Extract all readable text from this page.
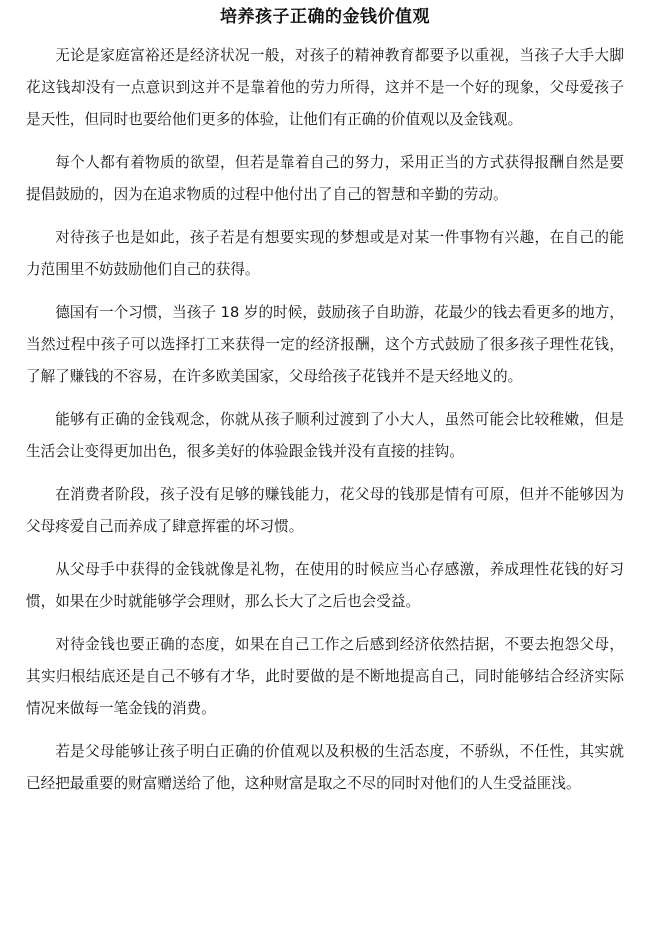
培养孩子正确的金钱价值观

无论是家庭富裕还是经济状况一般，对孩子的精神教育都要予以重视，当孩子大手大脚花这钱却没有一点意识到这并不是靠着他的劳力所得，这并不是一个好的现象，父母爱孩子是天性，但同时也要给他们更多的体验，让他们有正确的价值观以及金钱观。

每个人都有着物质的欲望，但若是靠着自己的努力，采用正当的方式获得报酬自然是要提倡鼓励的，因为在追求物质的过程中他付出了自己的智慧和辛勤的劳动。

对待孩子也是如此，孩子若是有想要实现的梦想或是对某一件事物有兴趣，在自己的能力范围里不妨鼓励他们自己的获得。

德国有一个习惯，当孩子 18 岁的时候，鼓励孩子自助游，花最少的钱去看更多的地方，当然过程中孩子可以选择打工来获得一定的经济报酬，这个方式鼓励了很多孩子理性花钱，了解了赚钱的不容易，在许多欧美国家，父母给孩子花钱并不是天经地义的。

能够有正确的金钱观念，你就从孩子顺利过渡到了小大人，虽然可能会比较稚嫩，但是生活会让变得更加出色，很多美好的体验跟金钱并没有直接的挂钩。

在消费者阶段，孩子没有足够的赚钱能力，花父母的钱那是情有可原，但并不能够因为父母疼爱自己而养成了肆意挥霍的坏习惯。

从父母手中获得的金钱就像是礼物，在使用的时候应当心存感激，养成理性花钱的好习惯，如果在少时就能够学会理财，那么长大了之后也会受益。

对待金钱也要正确的态度，如果在自己工作之后感到经济依然拮据，不要去抱怨父母，其实归根结底还是自己不够有才华，此时要做的是不断地提高自己，同时能够结合经济实际情况来做每一笔金钱的消费。

若是父母能够让孩子明白正确的价值观以及积极的生活态度，不骄纵，不任性，其实就已经把最重要的财富赠送给了他，这种财富是取之不尽的同时对他们的人生受益匪浅。
